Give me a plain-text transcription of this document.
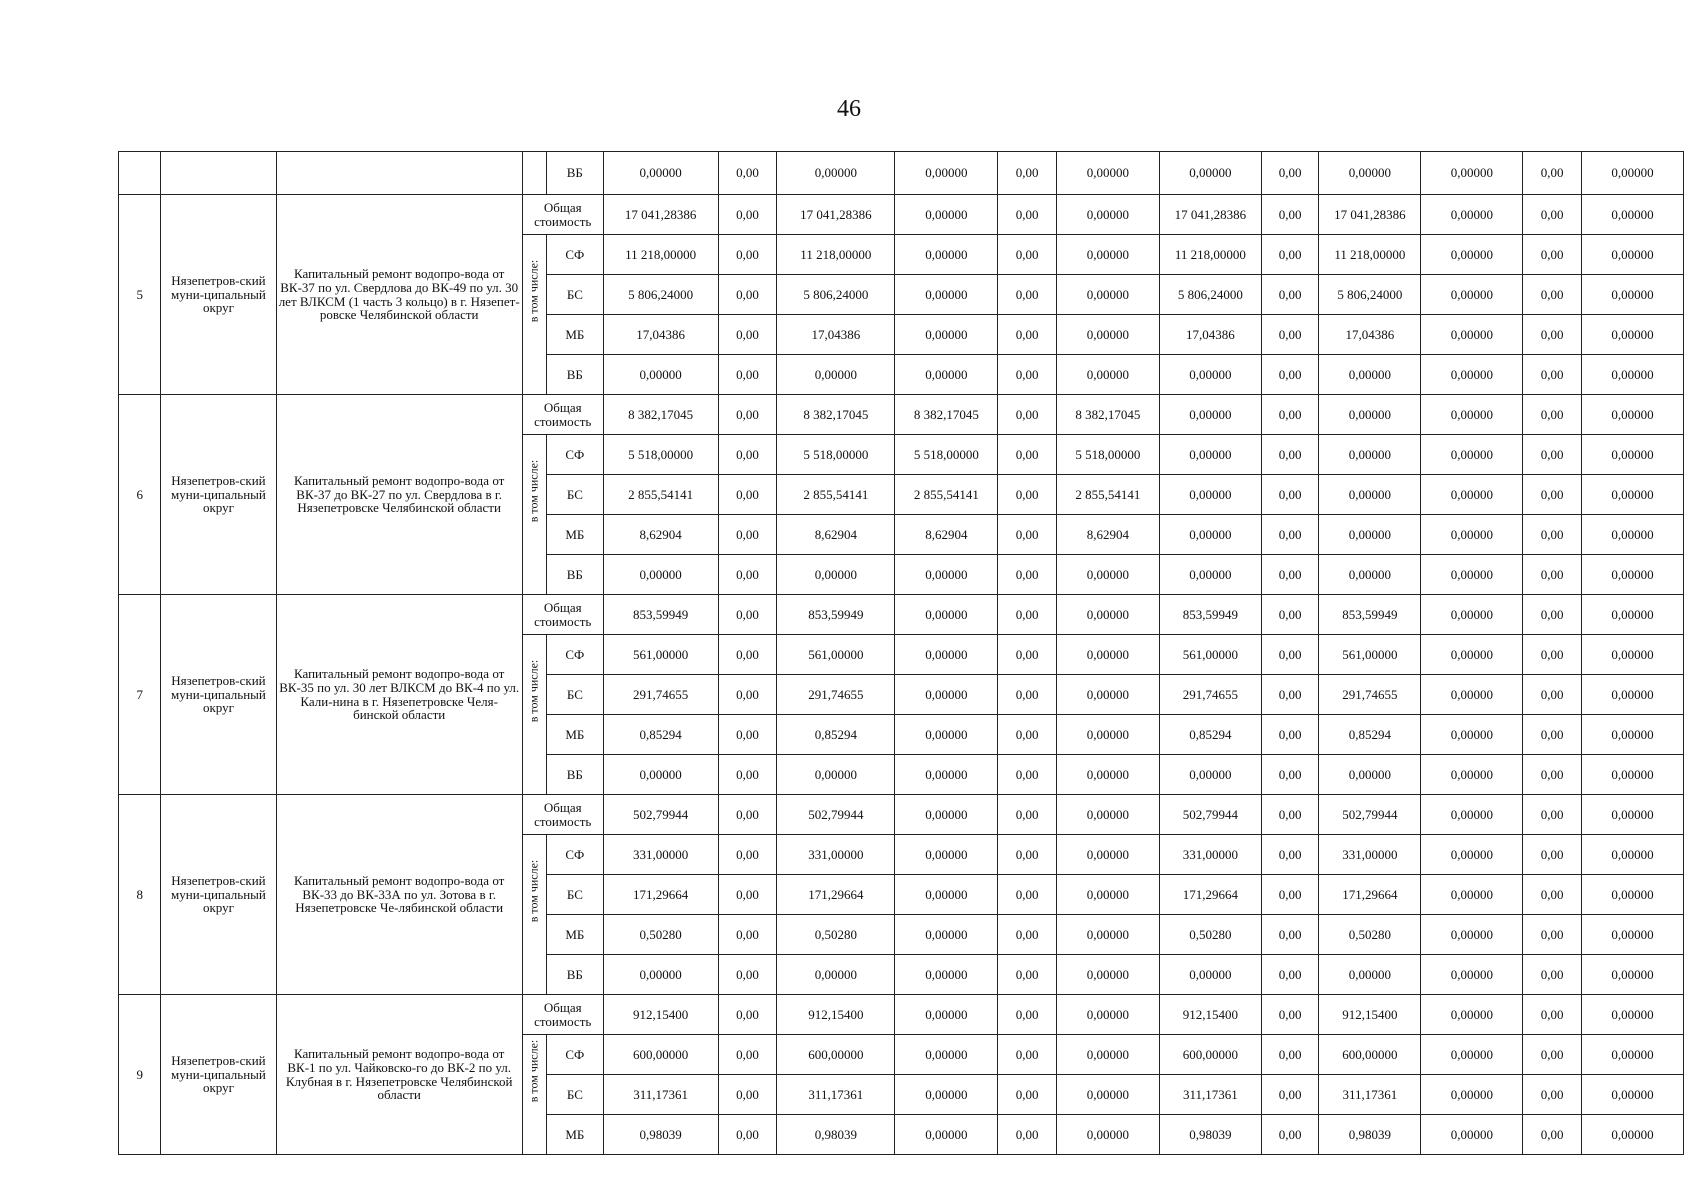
46
				ВБ	0,00000	0,00	0,00000	0,00000	0,00	0,00000	0,00000	0,00	0,00000	0,00000	0,00	0,00000
5	Нязепетров-ский муни-ципальный округ	Капитальный ремонт водопро-вода от ВК-37 по ул. Свердлова до ВК-49 по ул. 30 лет ВЛКСМ (1 часть 3 кольцо) в г. Нязепет-ровске Челябинской области	Общая стоимость		17 041,28386	0,00	17 041,28386	0,00000	0,00	0,00000	17 041,28386	0,00	17 041,28386	0,00000	0,00	0,00000

			в том числе:	СФ	11 218,00000	0,00	11 218,00000	0,00000	0,00	0,00000	11 218,00000	0,00	11 218,00000	0,00000	0,00	0,00000
				БС	5 806,24000	0,00	5 806,24000	0,00000	0,00	0,00000	5 806,24000	0,00	5 806,24000	0,00000	0,00	0,00000
				МБ	17,04386	0,00	17,04386	0,00000	0,00	0,00000	17,04386	0,00	17,04386	0,00000	0,00	0,00000
				ВБ	0,00000	0,00	0,00000	0,00000	0,00	0,00000	0,00000	0,00	0,00000	0,00000	0,00	0,00000
6	Нязепетров-ский муни-ципальный округ	Капитальный ремонт водопро-вода от ВК-37 до ВК-27 по ул. Свердлова в г. Нязепетровске Челябинской области	Общая стоимость		8 382,17045	0,00	8 382,17045	8 382,17045	0,00	8 382,17045	0,00000	0,00	0,00000	0,00000	0,00	0,00000

			в том числе:	СФ	5 518,00000	0,00	5 518,00000	5 518,00000	0,00	5 518,00000	0,00000	0,00	0,00000	0,00000	0,00	0,00000
				БС	2 855,54141	0,00	2 855,54141	2 855,54141	0,00	2 855,54141	0,00000	0,00	0,00000	0,00000	0,00	0,00000
				МБ	8,62904	0,00	8,62904	8,62904	0,00	8,62904	0,00000	0,00	0,00000	0,00000	0,00	0,00000
				ВБ	0,00000	0,00	0,00000	0,00000	0,00	0,00000	0,00000	0,00	0,00000	0,00000	0,00	0,00000
7	Нязепетров-ский муни-ципальный округ	Капитальный ремонт водопро-вода от ВК-35 по ул. 30 лет ВЛКСМ до ВК-4 по ул. Кали-нина в г. Нязепетровске Челя-бинской области	Общая стоимость		853,59949	0,00	853,59949	0,00000	0,00	0,00000	853,59949	0,00	853,59949	0,00000	0,00	0,00000

			в том числе:	СФ	561,00000	0,00	561,00000	0,00000	0,00	0,00000	561,00000	0,00	561,00000	0,00000	0,00	0,00000
				БС	291,74655	0,00	291,74655	0,00000	0,00	0,00000	291,74655	0,00	291,74655	0,00000	0,00	0,00000
				МБ	0,85294	0,00	0,85294	0,00000	0,00	0,00000	0,85294	0,00	0,85294	0,00000	0,00	0,00000
				ВБ	0,00000	0,00	0,00000	0,00000	0,00	0,00000	0,00000	0,00	0,00000	0,00000	0,00	0,00000
8	Нязепетров-ский муни-ципальный округ	Капитальный ремонт водопро-вода от ВК-33 до ВК-33А по ул. Зотова в г. Нязепетровске Че-лябинской области	Общая стоимость		502,79944	0,00	502,79944	0,00000	0,00	0,00000	502,79944	0,00	502,79944	0,00000	0,00	0,00000

			в том числе:	СФ	331,00000	0,00	331,00000	0,00000	0,00	0,00000	331,00000	0,00	331,00000	0,00000	0,00	0,00000
				БС	171,29664	0,00	171,29664	0,00000	0,00	0,00000	171,29664	0,00	171,29664	0,00000	0,00	0,00000
				МБ	0,50280	0,00	0,50280	0,00000	0,00	0,00000	0,50280	0,00	0,50280	0,00000	0,00	0,00000
				ВБ	0,00000	0,00	0,00000	0,00000	0,00	0,00000	0,00000	0,00	0,00000	0,00000	0,00	0,00000
9	Нязепетров-ский муни-ципальный округ	Капитальный ремонт водопро-вода от ВК-1 по ул. Чайковско-го до ВК-2 по ул. Клубная в г. Нязепетровске Челябинской области	Общая стоимость		912,15400	0,00	912,15400	0,00000	0,00	0,00000	912,15400	0,00	912,15400	0,00000	0,00	0,00000

			в том числе:	СФ	600,00000	0,00	600,00000	0,00000	0,00	0,00000	600,00000	0,00	600,00000	0,00000	0,00	0,00000
				БС	311,17361	0,00	311,17361	0,00000	0,00	0,00000	311,17361	0,00	311,17361	0,00000	0,00	0,00000
				МБ	0,98039	0,00	0,98039	0,00000	0,00	0,00000	0,98039	0,00	0,98039	0,00000	0,00	0,00000
